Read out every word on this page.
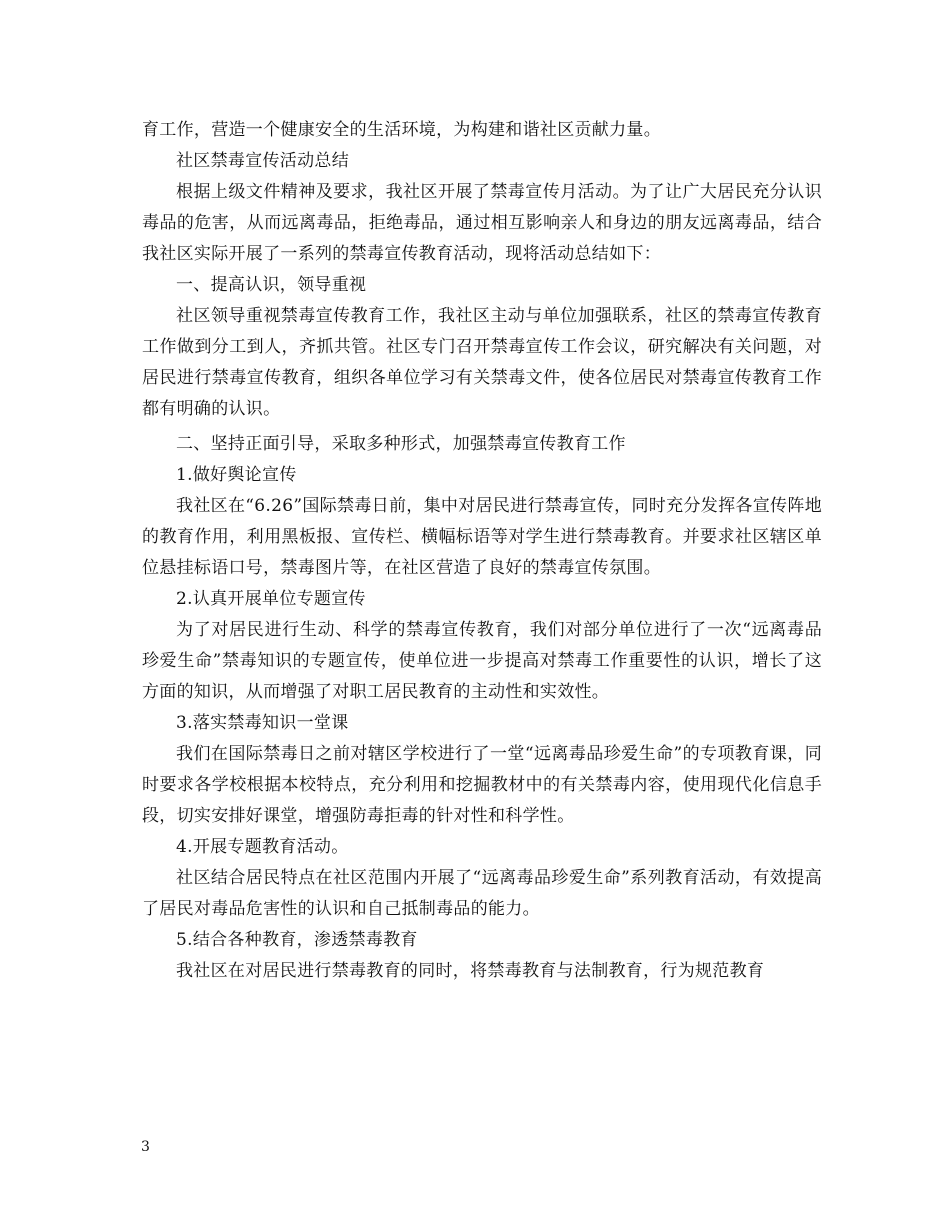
育工作，营造一个健康安全的生活环境，为构建和谐社区贡献力量。

社区禁毒宣传活动总结

根据上级文件精神及要求，我社区开展了禁毒宣传月活动。为了让广大居民充分认识毒品的危害，从而远离毒品，拒绝毒品，通过相互影响亲人和身边的朋友远离毒品，结合我社区实际开展了一系列的禁毒宣传教育活动，现将活动总结如下：

一、提高认识，领导重视

社区领导重视禁毒宣传教育工作，我社区主动与单位加强联系，社区的禁毒宣传教育工作做到分工到人，齐抓共管。社区专门召开禁毒宣传工作会议，研究解决有关问题，对居民进行禁毒宣传教育，组织各单位学习有关禁毒文件，使各位居民对禁毒宣传教育工作都有明确的认识。

二、坚持正面引导，采取多种形式，加强禁毒宣传教育工作

1.做好舆论宣传

我社区在“6.26”国际禁毒日前，集中对居民进行禁毒宣传，同时充分发挥各宣传阵地的教育作用，利用黑板报、宣传栏、横幅标语等对学生进行禁毒教育。并要求社区辖区单位悬挂标语口号，禁毒图片等，在社区营造了良好的禁毒宣传氛围。

2.认真开展单位专题宣传

为了对居民进行生动、科学的禁毒宣传教育，我们对部分单位进行了一次“远离毒品珍爱生命”禁毒知识的专题宣传，使单位进一步提高对禁毒工作重要性的认识，增长了这方面的知识，从而增强了对职工居民教育的主动性和实效性。

3.落实禁毒知识一堂课

我们在国际禁毒日之前对辖区学校进行了一堂“远离毒品珍爱生命”的专项教育课，同时要求各学校根据本校特点，充分利用和挖掘教材中的有关禁毒内容，使用现代化信息手段，切实安排好课堂，增强防毒拒毒的针对性和科学性。

4.开展专题教育活动。

社区结合居民特点在社区范围内开展了“远离毒品珍爱生命”系列教育活动，有效提高了居民对毒品危害性的认识和自己抵制毒品的能力。

5.结合各种教育，渗透禁毒教育

我社区在对居民进行禁毒教育的同时，将禁毒教育与法制教育，行为规范教育

3
